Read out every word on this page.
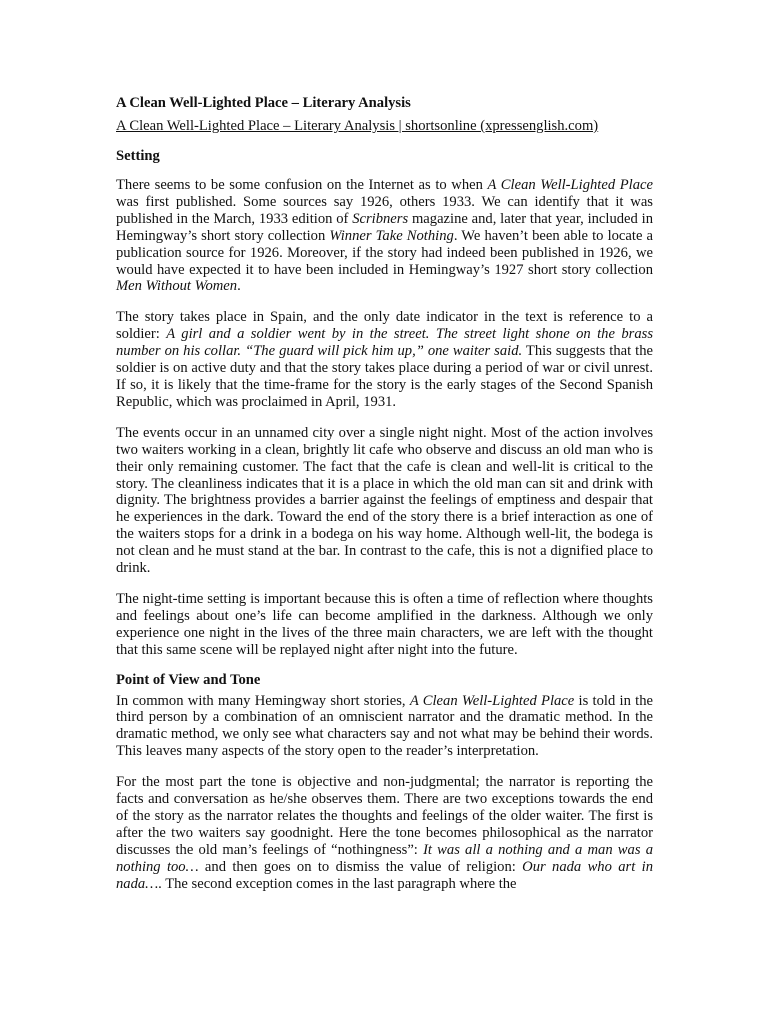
A Clean Well-Lighted Place – Literary Analysis
A Clean Well-Lighted Place – Literary Analysis | shortsonline (xpressenglish.com)
Setting

There seems to be some confusion on the Internet as to when A Clean Well-Lighted Place was first published. Some sources say 1926, others 1933. We can identify that it was published in the March, 1933 edition of Scribners magazine and, later that year, included in Hemingway’s short story collection Winner Take Nothing. We haven’t been able to locate a publication source for 1926. Moreover, if the story had indeed been published in 1926, we would have expected it to have been included in Hemingway’s 1927 short story collection Men Without Women.

The story takes place in Spain, and the only date indicator in the text is reference to a soldier: A girl and a soldier went by in the street. The street light shone on the brass number on his collar. “The guard will pick him up,” one waiter said. This suggests that the soldier is on active duty and that the story takes place during a period of war or civil unrest. If so, it is likely that the time-frame for the story is the early stages of the Second Spanish Republic, which was proclaimed in April, 1931.

The events occur in an unnamed city over a single night night. Most of the action involves two waiters working in a clean, brightly lit cafe who observe and discuss an old man who is their only remaining customer. The fact that the cafe is clean and well-lit is critical to the story. The cleanliness indicates that it is a place in which the old man can sit and drink with dignity. The brightness provides a barrier against the feelings of emptiness and despair that he experiences in the dark. Toward the end of the story there is a brief interaction as one of the waiters stops for a drink in a bodega on his way home. Although well-lit, the bodega is not clean and he must stand at the bar. In contrast to the cafe, this is not a dignified place to drink.

The night-time setting is important because this is often a time of reflection where thoughts and feelings about one’s life can become amplified in the darkness. Although we only experience one night in the lives of the three main characters, we are left with the thought that this same scene will be replayed night after night into the future.

Point of View and Tone

In common with many Hemingway short stories, A Clean Well-Lighted Place is told in the third person by a combination of an omniscient narrator and the dramatic method. In the dramatic method, we only see what characters say and not what may be behind their words. This leaves many aspects of the story open to the reader’s interpretation.

For the most part the tone is objective and non-judgmental; the narrator is reporting the facts and conversation as he/she observes them. There are two exceptions towards the end of the story as the narrator relates the thoughts and feelings of the older waiter. The first is after the two waiters say goodnight. Here the tone becomes philosophical as the narrator discusses the old man’s feelings of “nothingness”: It was all a nothing and a man was a nothing too… and then goes on to dismiss the value of religion: Our nada who art in nada…. The second exception comes in the last paragraph where the
